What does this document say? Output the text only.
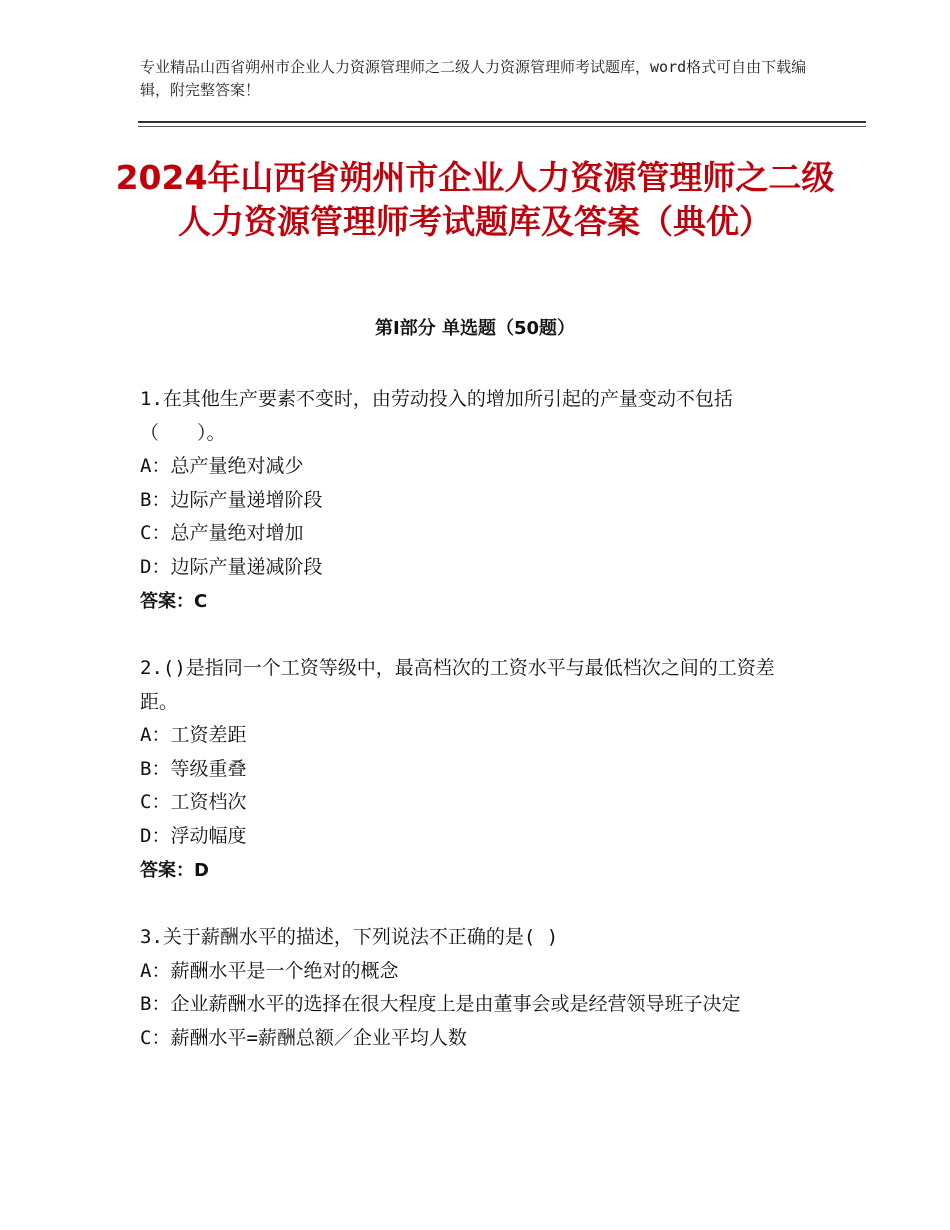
专业精品山西省朔州市企业人力资源管理师之二级人力资源管理师考试题库，word格式可自由下载编辑，附完整答案！
2024年山西省朔州市企业人力资源管理师之二级人力资源管理师考试题库及答案（典优）
第Ⅰ部分 单选题（50题）
1.在其他生产要素不变时，由劳动投入的增加所引起的产量变动不包括（　　）。
A：总产量绝对减少
B：边际产量递增阶段
C：总产量绝对增加
D：边际产量递减阶段
答案：C
2.()是指同一个工资等级中，最高档次的工资水平与最低档次之间的工资差距。
A：工资差距
B：等级重叠
C：工资档次
D：浮动幅度
答案：D
3.关于薪酬水平的描述，下列说法不正确的是( )
A：薪酬水平是一个绝对的概念
B：企业薪酬水平的选择在很大程度上是由董事会或是经营领导班子决定
C：薪酬水平=薪酬总额／企业平均人数
